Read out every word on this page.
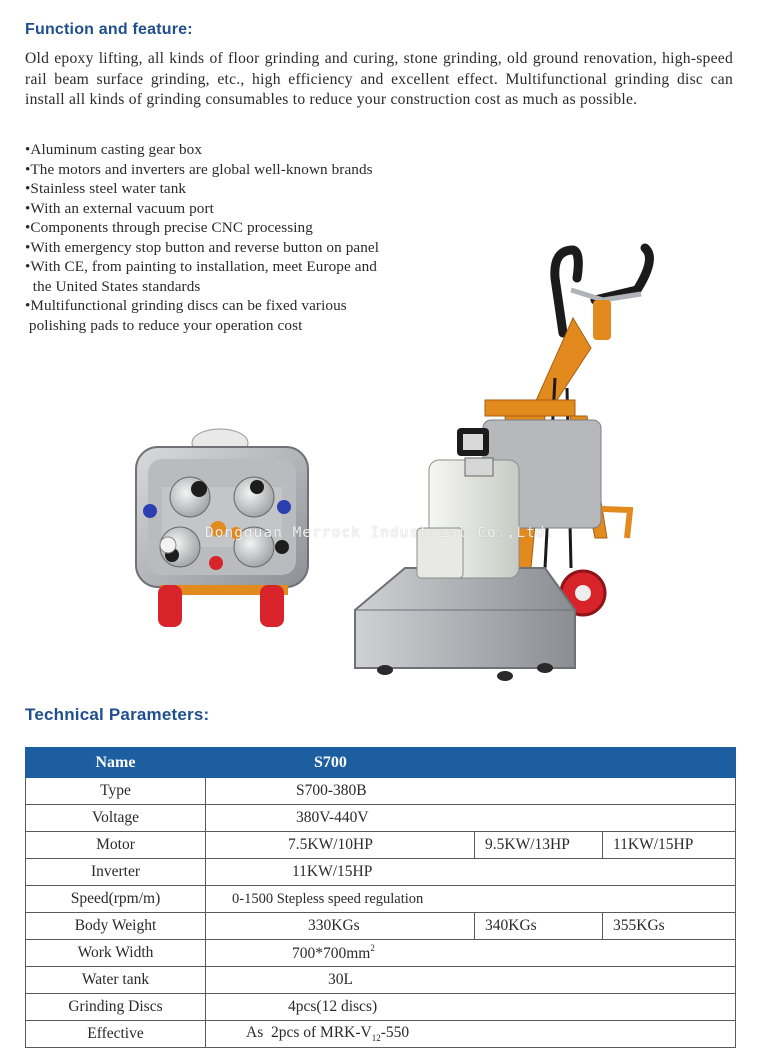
Function and feature:

Old epoxy lifting, all kinds of floor grinding and curing, stone grinding, old ground renovation, high-speed rail beam surface grinding, etc., high efficiency and excellent effect. Multifunctional grinding disc can install all kinds of grinding consumables to reduce your construction cost as much as possible.

•Aluminum casting gear box
•The motors and inverters are global well-known brands
•Stainless steel water tank
•With an external vacuum port
•Components through precise CNC processing
•With emergency stop button and reverse button on panel
•With CE, from painting to installation, meet Europe and
the United States standards
•Multifunctional grinding discs can be fixed various
polishing pads to reduce your operation cost
Dongguan Merrock Industrial Co.,Ltd.
Technical Parameters:
Name	S700		
Type	S700-380B		
Voltage	380V-440V		
Motor	7.5KW/10HP	9.5KW/13HP	11KW/15HP
Inverter	11KW/15HP		
Speed(rpm/m)	0-1500 Stepless speed regulation		
Body Weight	330KGs	340KGs	355KGs
Work Width	$700*700mm^2$
Water tank	30L		
Grinding Discs	4pcs(12 discs)		
Effective	As  2pcs of MRK-$V_{12}-550$		
